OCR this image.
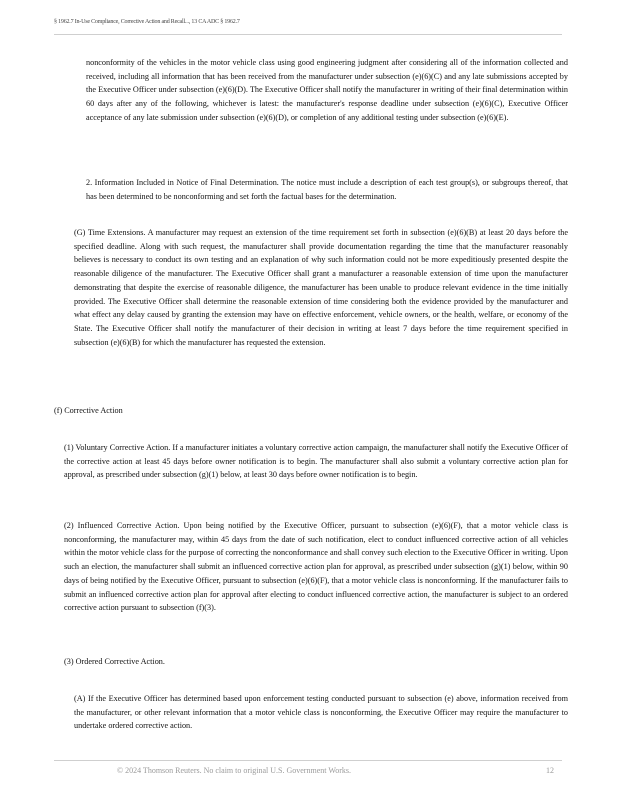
§ 1962.7 In-Use Compliance, Corrective Action and Recall..., 13 CA ADC § 1962.7

nonconformity of the vehicles in the motor vehicle class using good engineering judgment after considering all of the information collected and received, including all information that has been received from the manufacturer under subsection (e)(6)(C) and any late submissions accepted by the Executive Officer under subsection (e)(6)(D). The Executive Officer shall notify the manufacturer in writing of their final determination within 60 days after any of the following, whichever is latest: the manufacturer's response deadline under subsection (e)(6)(C), Executive Officer acceptance of any late submission under subsection (e)(6)(D), or completion of any additional testing under subsection (e)(6)(E).

2. Information Included in Notice of Final Determination. The notice must include a description of each test group(s), or subgroups thereof, that has been determined to be nonconforming and set forth the factual bases for the determination.

(G) Time Extensions. A manufacturer may request an extension of the time requirement set forth in subsection (e)(6)(B) at least 20 days before the specified deadline. Along with such request, the manufacturer shall provide documentation regarding the time that the manufacturer reasonably believes is necessary to conduct its own testing and an explanation of why such information could not be more expeditiously presented despite the reasonable diligence of the manufacturer. The Executive Officer shall grant a manufacturer a reasonable extension of time upon the manufacturer demonstrating that despite the exercise of reasonable diligence, the manufacturer has been unable to produce relevant evidence in the time initially provided. The Executive Officer shall determine the reasonable extension of time considering both the evidence provided by the manufacturer and what effect any delay caused by granting the extension may have on effective enforcement, vehicle owners, or the health, welfare, or economy of the State. The Executive Officer shall notify the manufacturer of their decision in writing at least 7 days before the time requirement specified in subsection (e)(6)(B) for which the manufacturer has requested the extension.

(f) Corrective Action

(1) Voluntary Corrective Action. If a manufacturer initiates a voluntary corrective action campaign, the manufacturer shall notify the Executive Officer of the corrective action at least 45 days before owner notification is to begin. The manufacturer shall also submit a voluntary corrective action plan for approval, as prescribed under subsection (g)(1) below, at least 30 days before owner notification is to begin.

(2) Influenced Corrective Action. Upon being notified by the Executive Officer, pursuant to subsection (e)(6)(F), that a motor vehicle class is nonconforming, the manufacturer may, within 45 days from the date of such notification, elect to conduct influenced corrective action of all vehicles within the motor vehicle class for the purpose of correcting the nonconformance and shall convey such election to the Executive Officer in writing. Upon such an election, the manufacturer shall submit an influenced corrective action plan for approval, as prescribed under subsection (g)(1) below, within 90 days of being notified by the Executive Officer, pursuant to subsection (e)(6)(F), that a motor vehicle class is nonconforming. If the manufacturer fails to submit an influenced corrective action plan for approval after electing to conduct influenced corrective action, the manufacturer is subject to an ordered corrective action pursuant to subsection (f)(3).

(3) Ordered Corrective Action.

(A) If the Executive Officer has determined based upon enforcement testing conducted pursuant to subsection (e) above, information received from the manufacturer, or other relevant information that a motor vehicle class is nonconforming, the Executive Officer may require the manufacturer to undertake ordered corrective action.

© 2024 Thomson Reuters. No claim to original U.S. Government Works.	12
